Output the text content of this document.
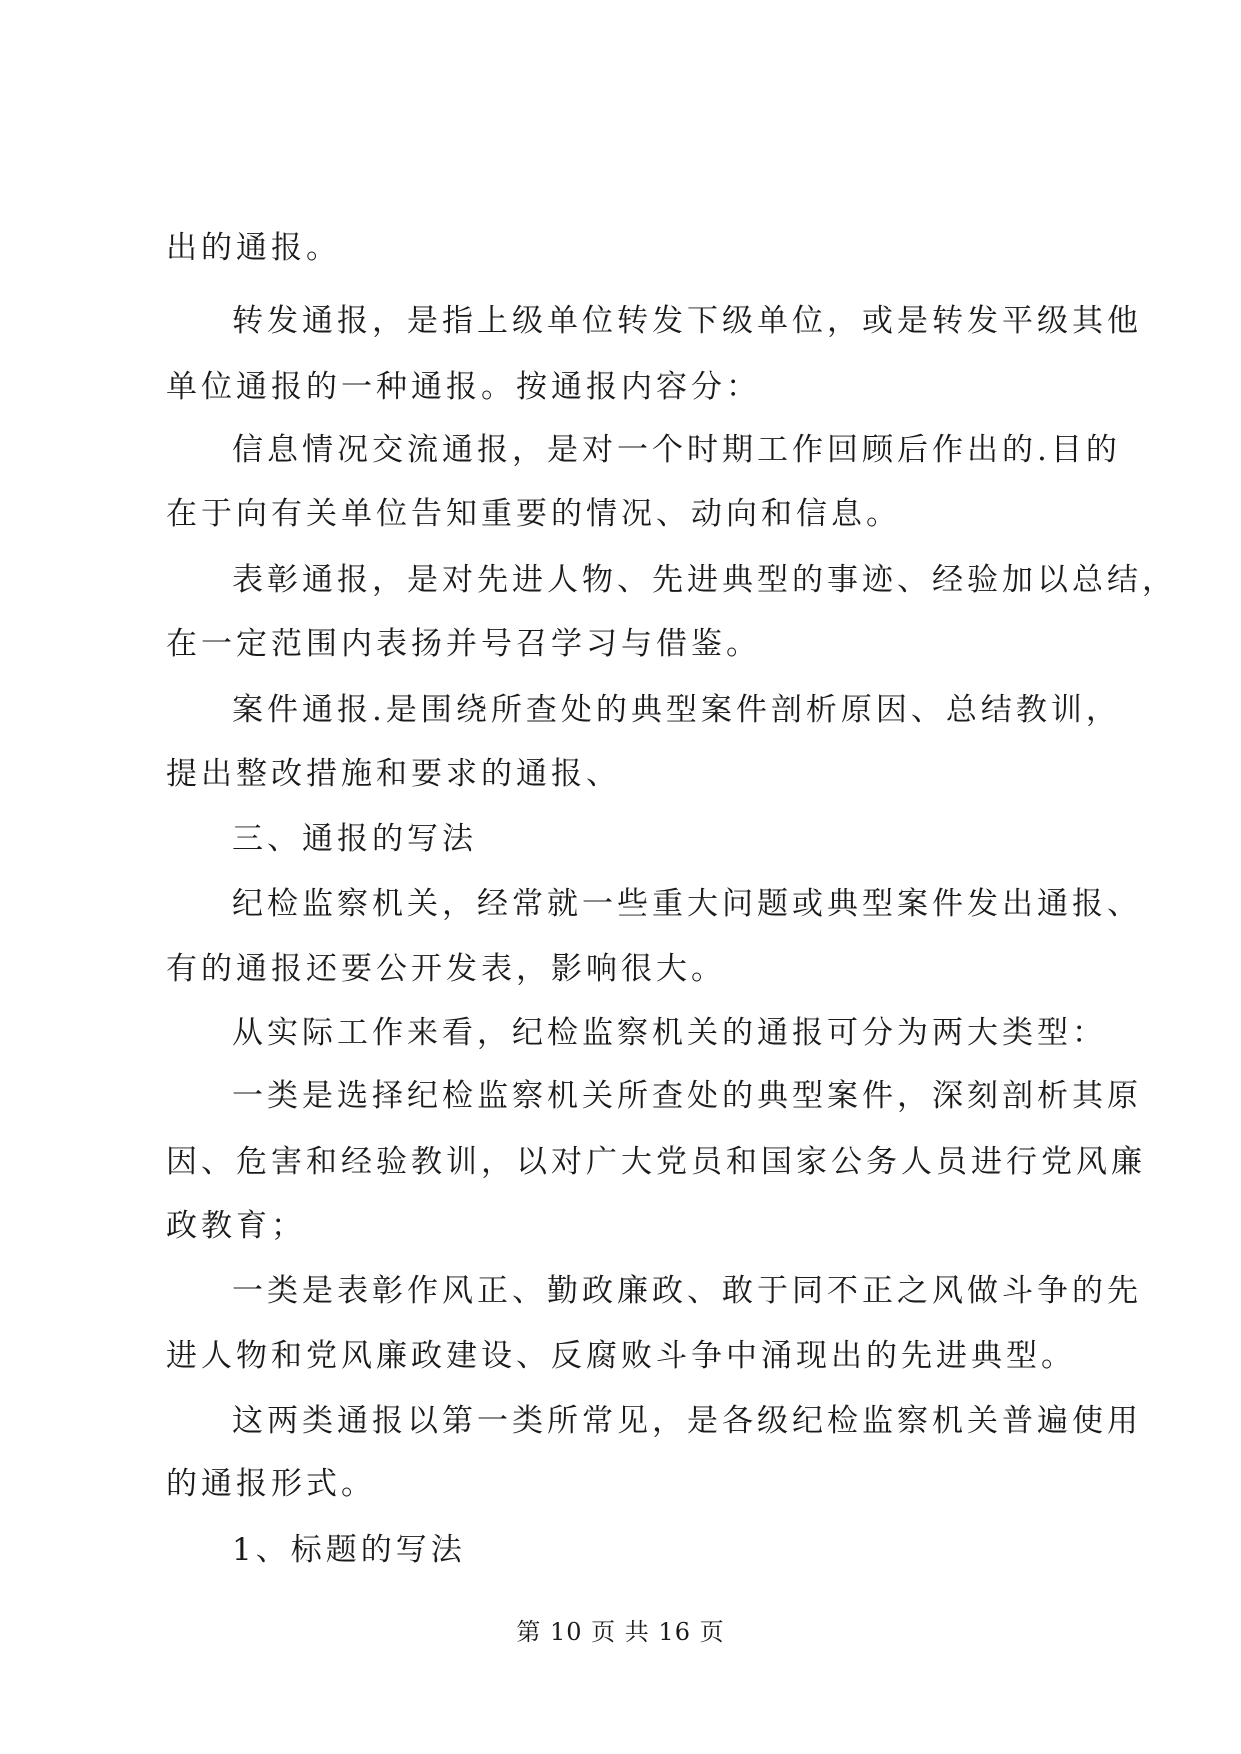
出的通报。
转发通报，是指上级单位转发下级单位，或是转发平级其他
单位通报的一种通报。按通报内容分：
信息情况交流通报，是对一个时期工作回顾后作出的.目的
在于向有关单位告知重要的情况、动向和信息。
表彰通报，是对先进人物、先进典型的事迹、经验加以总结，
在一定范围内表扬并号召学习与借鉴。
案件通报.是围绕所查处的典型案件剖析原因、总结教训，
提出整改措施和要求的通报、
三、通报的写法
纪检监察机关，经常就一些重大问题或典型案件发出通报、
有的通报还要公开发表，影响很大。
从实际工作来看，纪检监察机关的通报可分为两大类型：
一类是选择纪检监察机关所查处的典型案件，深刻剖析其原
因、危害和经验教训，以对广大党员和国家公务人员进行党风廉
政教育；
一类是表彰作风正、勤政廉政、敢于同不正之风做斗争的先
进人物和党风廉政建设、反腐败斗争中涌现出的先进典型。
这两类通报以第一类所常见，是各级纪检监察机关普遍使用
的通报形式。
1、标题的写法
第 10 页 共 16 页
